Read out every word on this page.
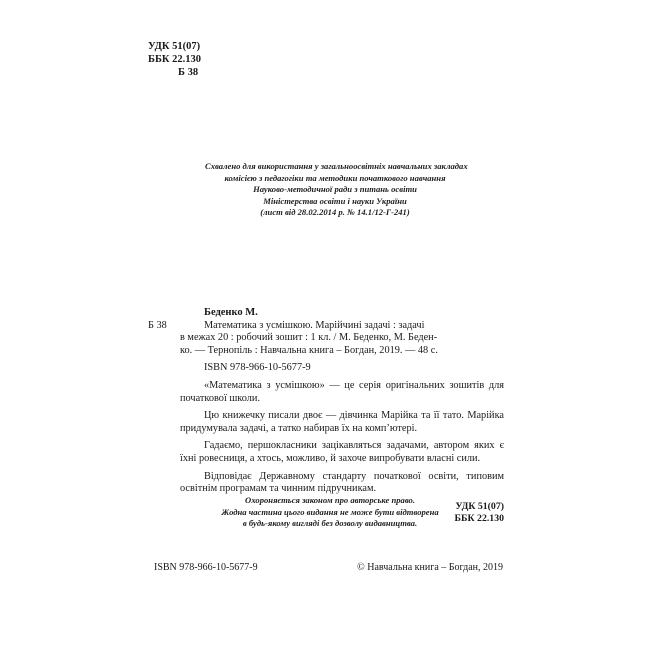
УДК 51(07)
ББК 22.130
Б 38
Схвалено для використання у загальноосвітніх навчальних закладах
комісією з педагогіки та методики початкового навчання
Науково-методичної ради з питань освіти
Міністерства освіти і науки України
(лист від 28.02.2014 р. № 14.1/12-Г-241)
Беденко М.
Б 38	Математика з усмішкою. Марійчині задачі : задачі

в межах 20 : робочий зошит : 1 кл. / М. Беденко, М. Беден-

ко. — Тернопіль : Навчальна книга – Богдан, 2019. — 48 с.

ISBN 978-966-10-5677-9

«Математика з усмішкою» — це серія оригінальних зошитів для початкової школи.

Цю книжечку писали двоє — дівчинка Марійка та її тато. Марійка придумувала задачі, а татко набирав їх на комп’ютері.

Гадаємо, першокласники зацікавляться задачами, автором яких є їхні ровесниця, а хтось, можливо, й захоче випробувати власні сили.

Відповідає Державному стандарту початкової освіти, типовим освітнім програмам та чинним підручникам.

УДК 51(07)
ББК 22.130
Охороняється законом про авторське право.
Жодна частина цього видання не може бути відтворена
в будь-якому вигляді без дозволу видавництва.
ISBN 978-966-10-5677-9	© Навчальна книга – Богдан, 2019
